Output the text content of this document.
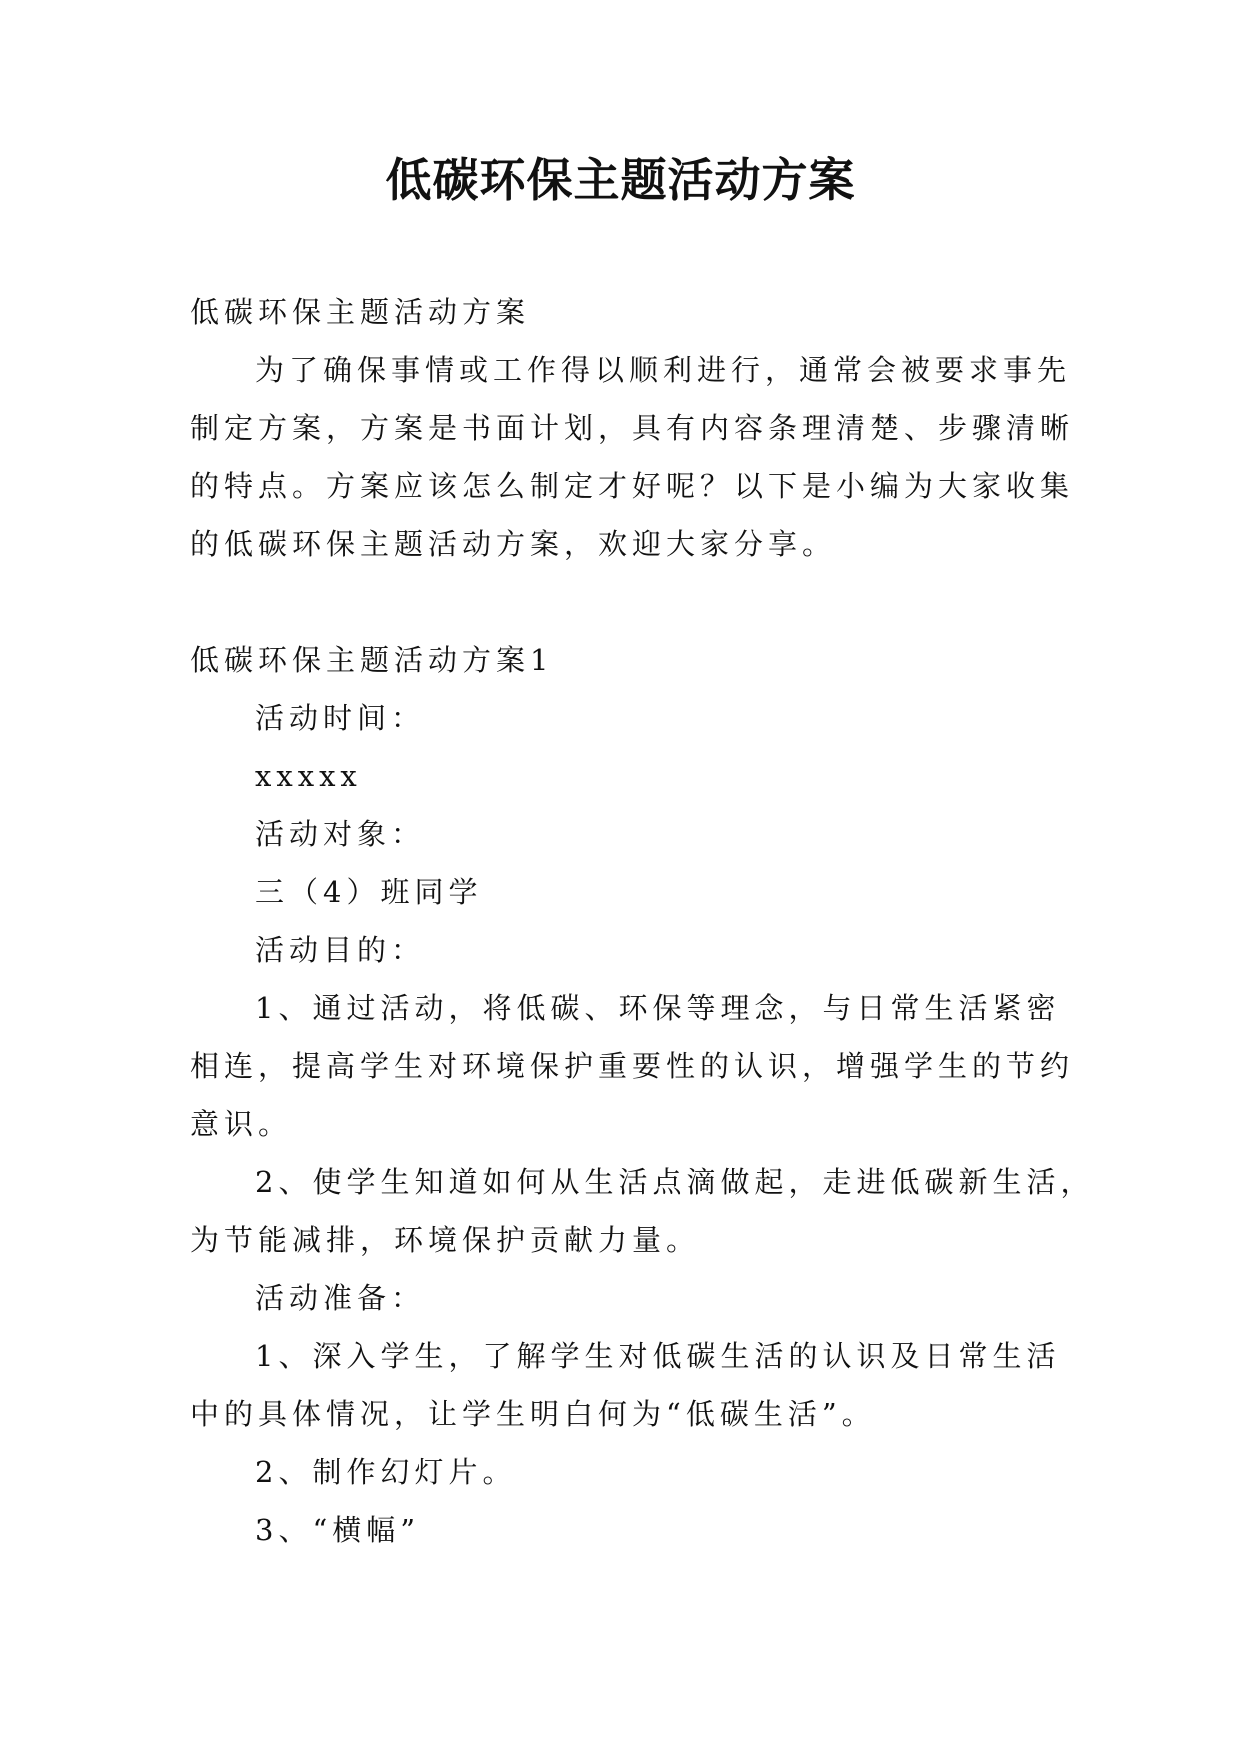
低碳环保主题活动方案

低碳环保主题活动方案

为了确保事情或工作得以顺利进行，通常会被要求事先

制定方案，方案是书面计划，具有内容条理清楚、步骤清晰

的特点。方案应该怎么制定才好呢？以下是小编为大家收集

的低碳环保主题活动方案，欢迎大家分享。

低碳环保主题活动方案1

活动时间：

xxxxx

活动对象：

三（4）班同学

活动目的：

1、通过活动，将低碳、环保等理念，与日常生活紧密

相连，提高学生对环境保护重要性的认识，增强学生的节约

意识。

2、使学生知道如何从生活点滴做起，走进低碳新生活，

为节能减排，环境保护贡献力量。

活动准备：

1、深入学生，了解学生对低碳生活的认识及日常生活

中的具体情况，让学生明白何为“低碳生活”。

2、制作幻灯片。

3、“横幅”
